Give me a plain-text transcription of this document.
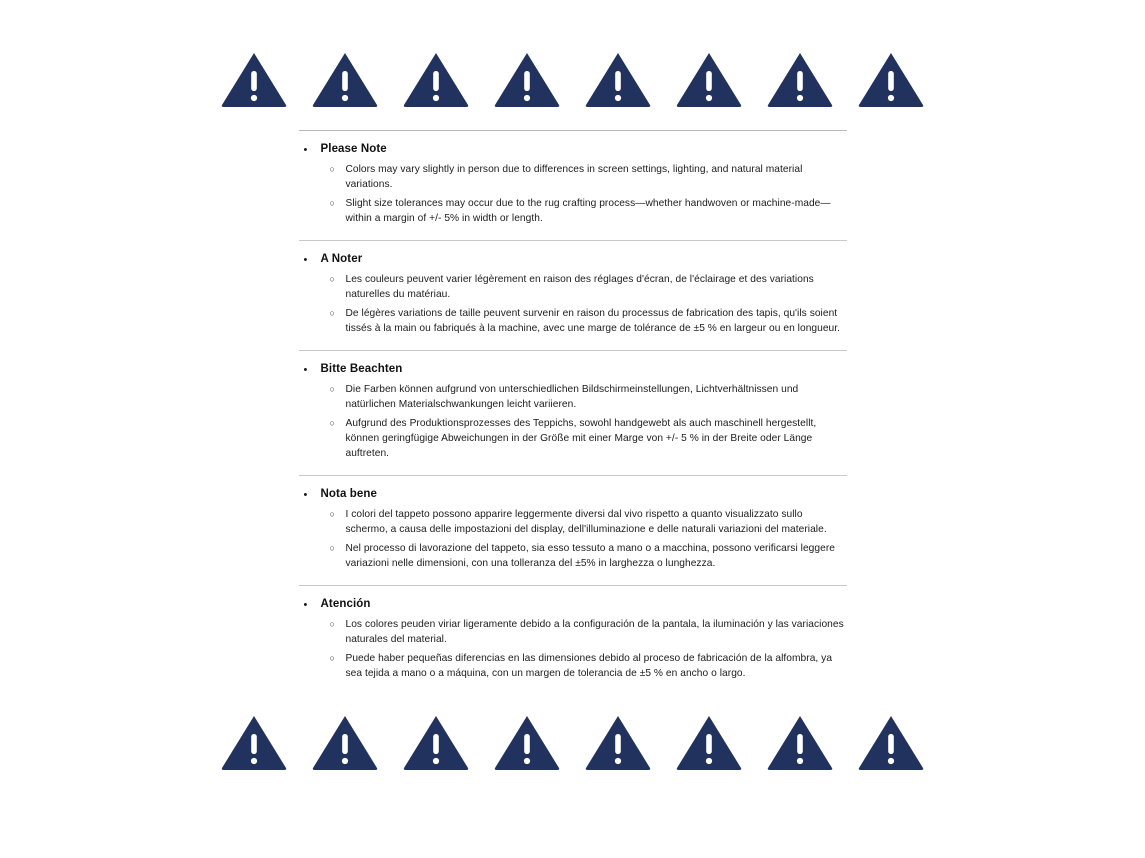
•	Please Note
○	Colors may vary slightly in person due to differences in screen settings, lighting, and natural material variations.
○	Slight size tolerances may occur due to the rug crafting process—whether handwoven or machine-made—within a margin of +/- 5% in width or length.
•	A Noter
○	Les couleurs peuvent varier légèrement en raison des réglages d'écran, de l'éclairage et des variations naturelles du matériau.
○	De légères variations de taille peuvent survenir en raison du processus de fabrication des tapis, qu'ils soient tissés à la main ou fabriqués à la machine, avec une marge de tolérance de ±5 % en largeur ou en longueur.
•	Bitte Beachten
○	Die Farben können aufgrund von unterschiedlichen Bildschirmeinstellungen, Lichtverhältnissen und natürlichen Materialschwankungen leicht variieren.
○	Aufgrund des Produktionsprozesses des Teppichs, sowohl handgewebt als auch maschinell hergestellt, können geringfügige Abweichungen in der Größe mit einer Marge von +/- 5 % in der Breite oder Länge auftreten.
•	Nota bene
○	I colori del tappeto possono apparire leggermente diversi dal vivo rispetto a quanto visualizzato sullo schermo, a causa delle impostazioni del display, dell'illuminazione e delle naturali variazioni del materiale.
○	Nel processo di lavorazione del tappeto, sia esso tessuto a mano o a macchina, possono verificarsi leggere variazioni nelle dimensioni, con una tolleranza del ±5% in larghezza o lunghezza.
•	Atención
○	Los colores peuden viriar ligeramente debido a la configuración de la pantala, la iluminación y las variaciones naturales del material.
○	Puede haber pequeñas diferencias en las dimensiones debido al proceso de fabricación de la alfombra, ya sea tejida a mano o a máquina, con un margen de tolerancia de ±5 % en ancho o largo.
